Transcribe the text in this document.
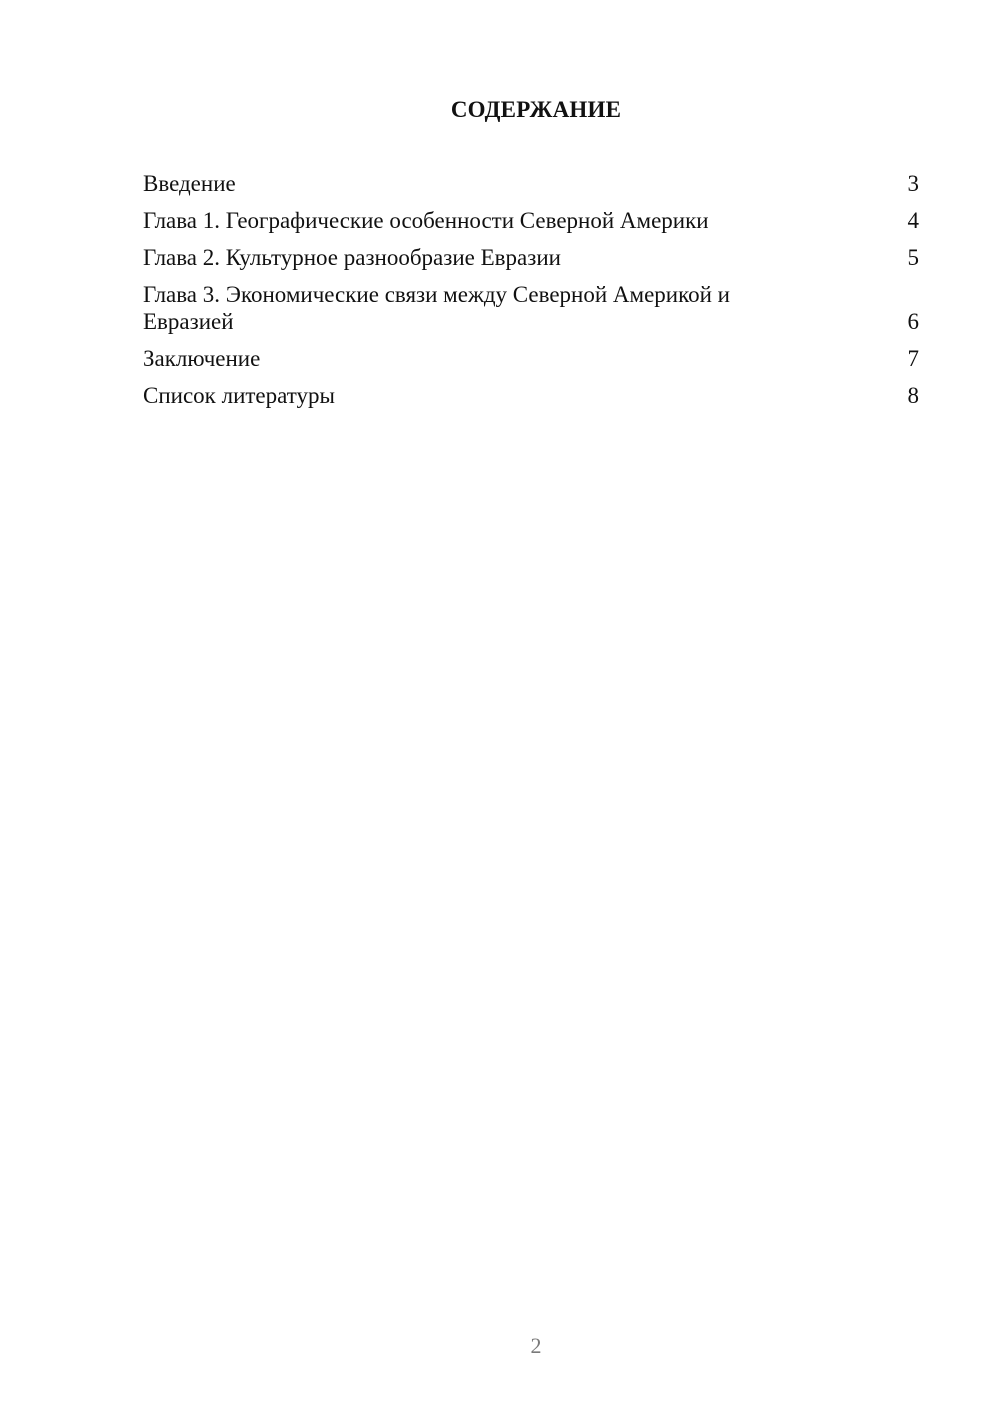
СОДЕРЖАНИЕ
Введение	3
Глава 1. Географические особенности Северной Америки	4
Глава 2. Культурное разнообразие Евразии	5
Глава 3. Экономические связи между Северной Америкой и Евразией	6
Заключение	7
Список литературы	8
2
